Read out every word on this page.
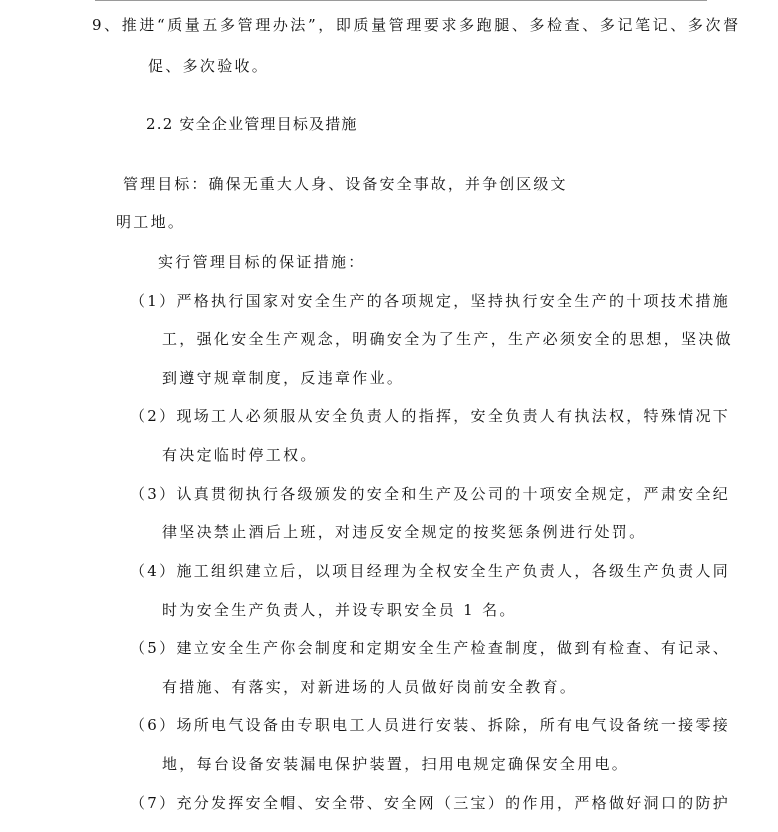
9、推进“质量五多管理办法”，即质量管理要求多跑腿、多检查、多记笔记、多次督
促、多次验收。
2.2 安全企业管理目标及措施
管理目标：确保无重大人身、设备安全事故，并争创区级文
明工地。
实行管理目标的保证措施：
（1）严格执行国家对安全生产的各项规定，坚持执行安全生产的十项技术措施
工，强化安全生产观念，明确安全为了生产，生产必须安全的思想，坚决做
到遵守规章制度，反违章作业。
（2）现场工人必须服从安全负责人的指挥，安全负责人有执法权，特殊情况下
有决定临时停工权。
（3）认真贯彻执行各级颁发的安全和生产及公司的十项安全规定，严肃安全纪
律坚决禁止酒后上班，对违反安全规定的按奖惩条例进行处罚。
（4）施工组织建立后，以项目经理为全权安全生产负责人，各级生产负责人同
时为安全生产负责人，并设专职安全员 1 名。
（5）建立安全生产你会制度和定期安全生产检查制度，做到有检查、有记录、
有措施、有落实，对新进场的人员做好岗前安全教育。
（6）场所电气设备由专职电工人员进行安装、拆除，所有电气设备统一接零接
地，每台设备安装漏电保护装置，扫用电规定确保安全用电。
（7）充分发挥安全帽、安全带、安全网（三宝）的作用，严格做好洞口的防护
